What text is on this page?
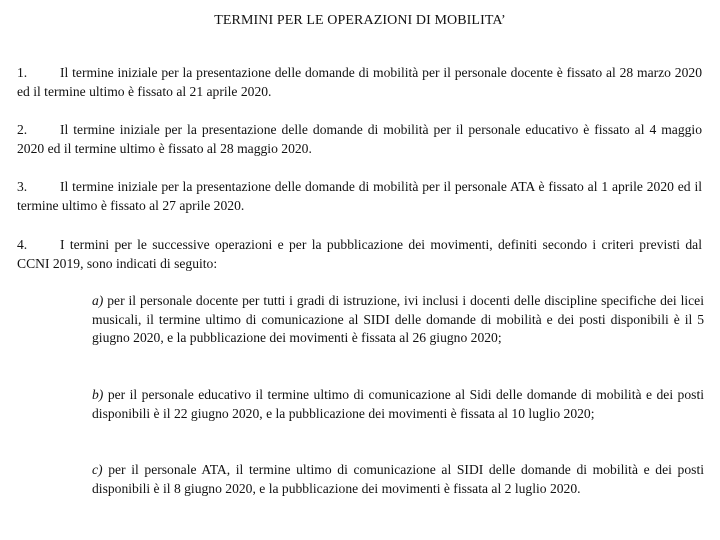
TERMINI PER LE OPERAZIONI DI MOBILITA’
1. Il termine iniziale per la presentazione delle domande di mobilità per il personale docente è fissato al 28 marzo 2020 ed il termine ultimo è fissato al 21 aprile 2020.
2. Il termine iniziale per la presentazione delle domande di mobilità per il personale educativo è fissato al 4 maggio 2020 ed il termine ultimo è fissato al 28 maggio 2020.
3. Il termine iniziale per la presentazione delle domande di mobilità per il personale ATA è fissato al 1 aprile 2020 ed il termine ultimo è fissato al 27 aprile 2020.
4. I termini per le successive operazioni e per la pubblicazione dei movimenti, definiti secondo i criteri previsti dal CCNI 2019, sono indicati di seguito:
a) per il personale docente per tutti i gradi di istruzione, ivi inclusi i docenti delle discipline specifiche dei licei musicali, il termine ultimo di comunicazione al SIDI delle domande di mobilità e dei posti disponibili è il 5 giugno 2020, e la pubblicazione dei movimenti è fissata al 26 giugno 2020;
b) per il personale educativo il termine ultimo di comunicazione al Sidi delle domande di mobilità e dei posti disponibili è il 22 giugno 2020, e la pubblicazione dei movimenti è fissata al 10 luglio 2020;
c) per il personale ATA, il termine ultimo di comunicazione al SIDI delle domande di mobilità e dei posti disponibili è il 8 giugno 2020, e la pubblicazione dei movimenti è fissata al 2 luglio 2020.
